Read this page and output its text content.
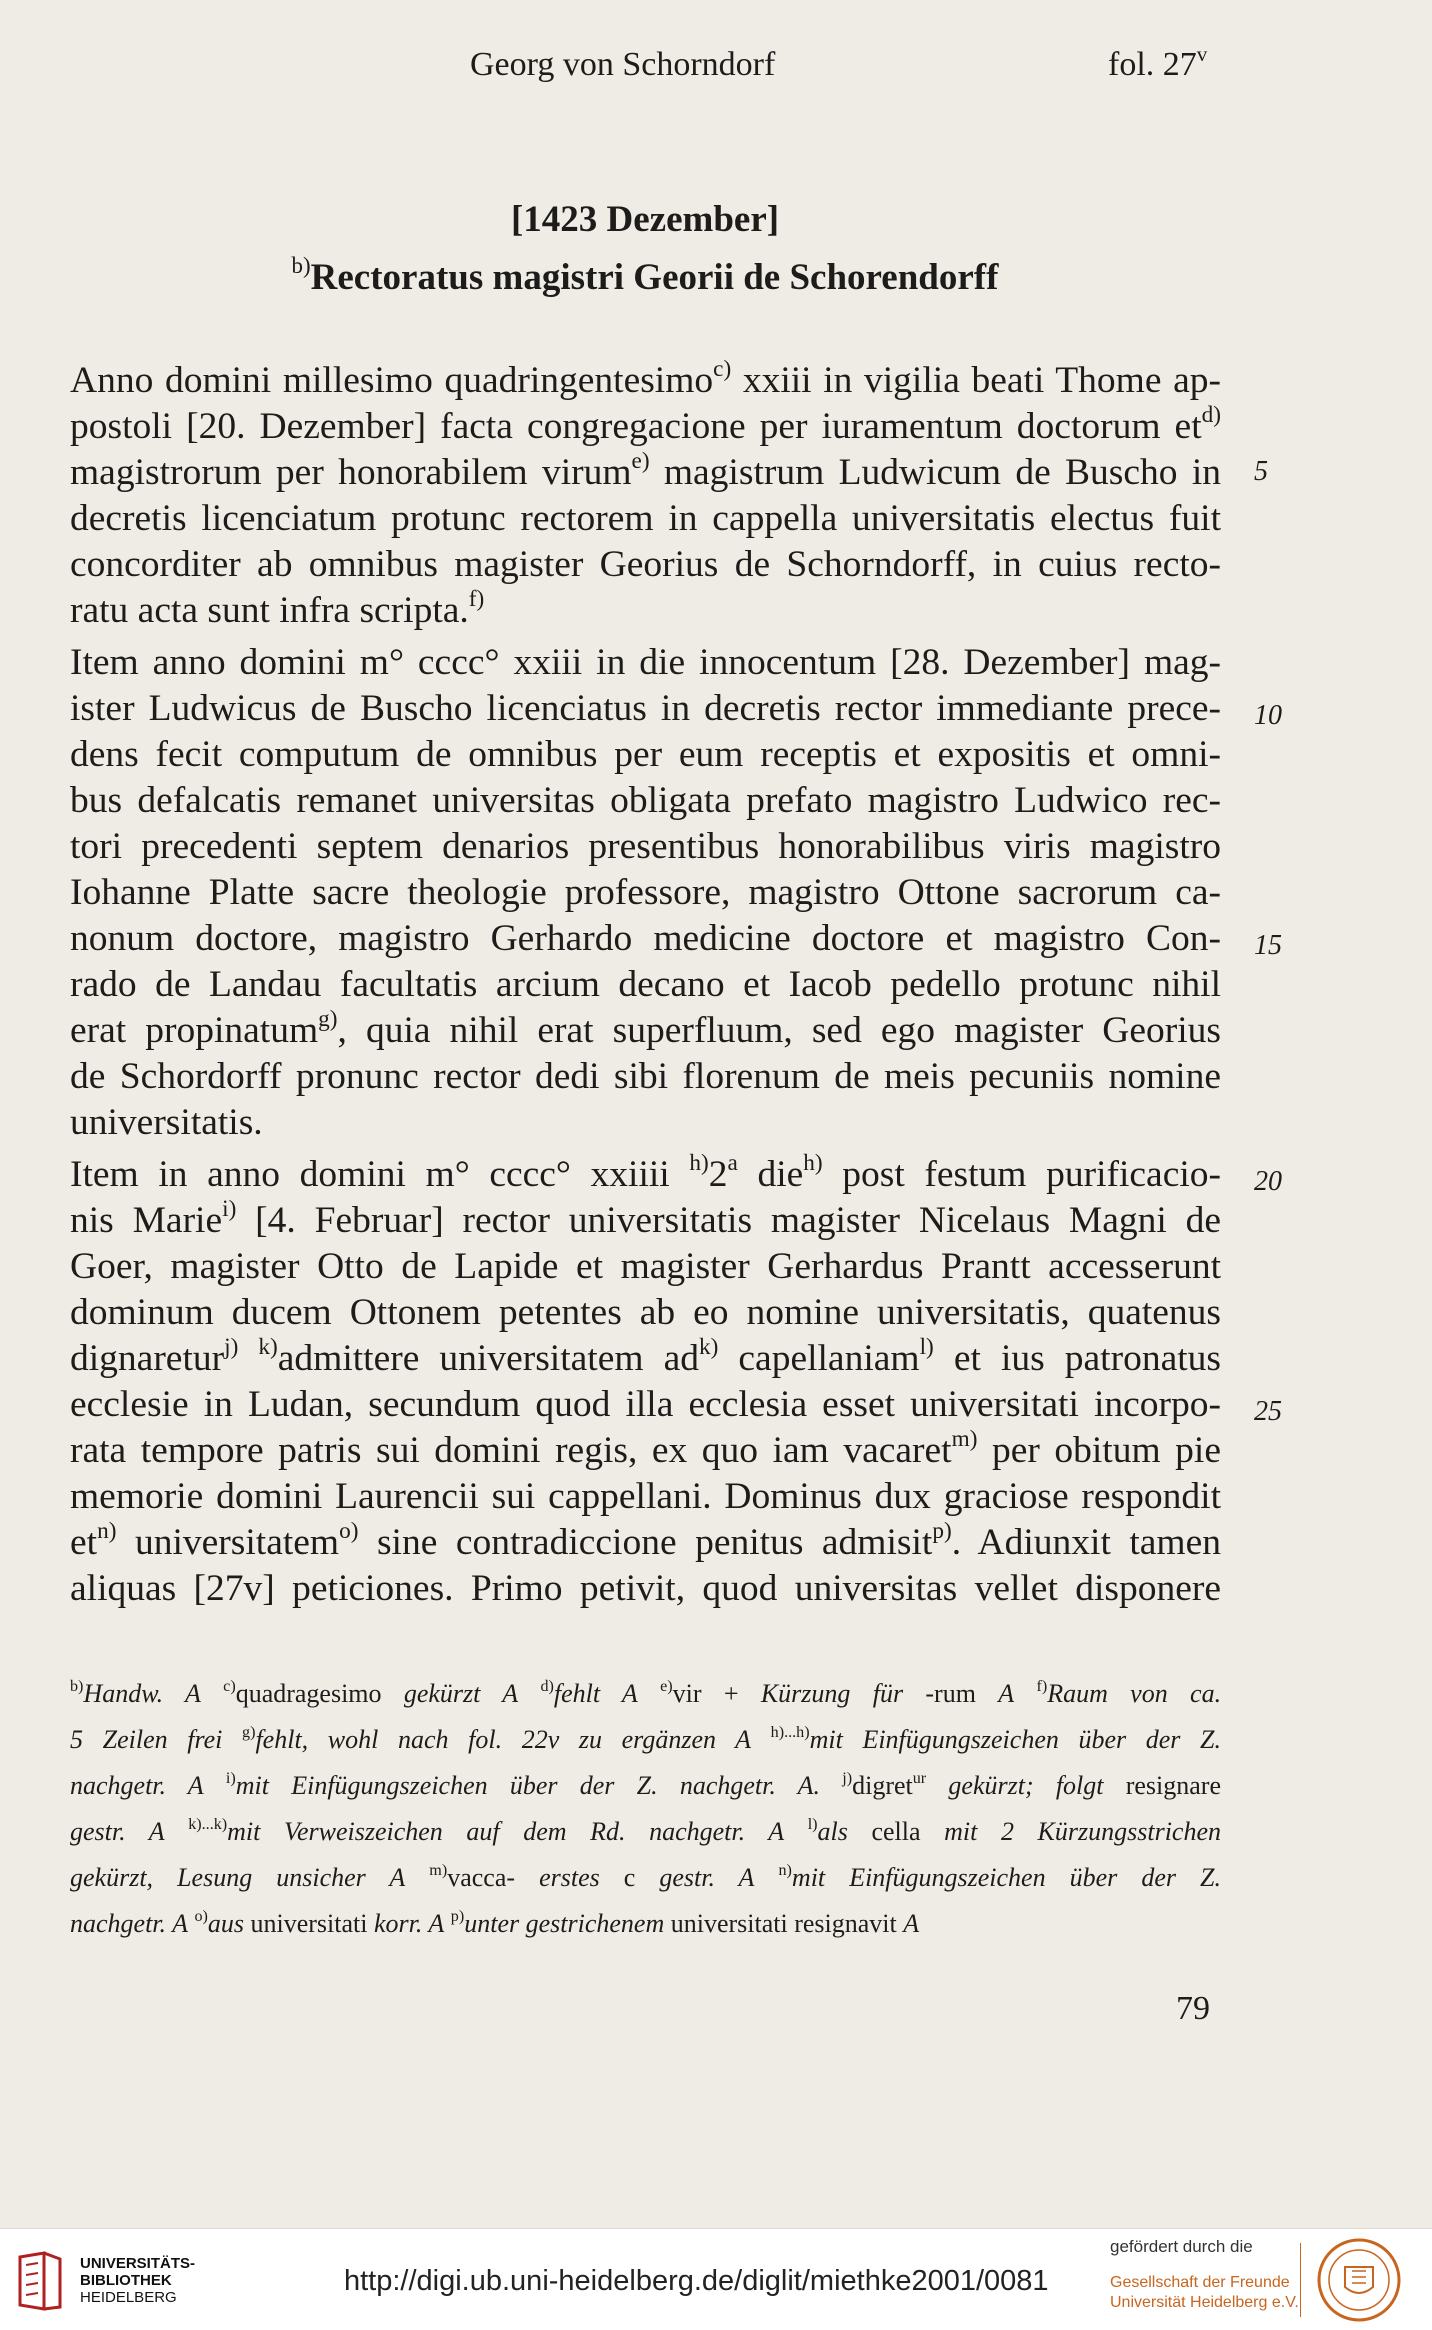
Georg von Schorndorf	fol. 27$^v$
[1423 Dezember]
$^{b)}$Rectoratus magistri Georii de Schorendorff
Anno domini millesimo quadringentesimo$^{c)}$ xxiii in vigilia beati Thome ap-
postoli [20. Dezember] facta congregacione per iuramentum doctorum $et^{d)}$
magistrorum per honorabilem virum$^{e)}$ magistrum Ludwicum de Buscho in
decretis licenciatum protunc rectorem in cappella universitatis electus fuit
concorditer ab omnibus magister Georius de Schorndorff, in cuius recto-
ratu acta sunt infra scripta.$^{f)}$
Item anno domini m° cccc° xxiii in die innocentum [28. Dezember] mag-
ister Ludwicus de Buscho licenciatus in decretis rector immediante prece-
dens fecit computum de omnibus per eum receptis et expositis et omni-
bus defalcatis remanet universitas obligata prefato magistro Ludwico rec-
tori precedenti septem denarios presentibus honorabilibus viris magistro
Iohanne Platte sacre theologie professore, magistro Ottone sacrorum ca-
nonum doctore, magistro Gerhardo medicine doctore et magistro Con-
rado de Landau facultatis arcium decano et Iacob pedello protunc nihil
erat propinatum$^{g)}$, quia nihil erat superfluum, sed ego magister Georius
de Schordorff pronunc rector dedi sibi florenum de meis pecuniis nomine
universitatis.
Item in anno domini m° cccc° xxiiii $^{h)}$2$^a$ die$^{h)}$ post festum purificacio-
nis Marie$^{i)}$ [4. Februar] rector universitatis magister Nicelaus Magni de
Goer, magister Otto de Lapide et magister Gerhardus Prantt accesserunt
dominum ducem Ottonem petentes ab eo nomine universitatis, quatenus
dignaretur$^{j)}$ $^{k)}$admittere universitatem $ad^{k)}$ capellaniam$^{l)}$ et ius patronatus
ecclesie in Ludan, secundum quod illa ecclesia esset universitati incorpo-
rata tempore patris sui domini regis, ex quo iam vacaret$^{m)}$ per obitum pie
memorie domini Laurencii sui cappellani. Dominus dux graciose respondit
$et^{n)}$ universitatem$^{o)}$ sine contradiccione penitus admisit$^{p)}$. Adiunxit tamen
aliquas [27v] peticiones. Primo petivit, quod universitas vellet disponere
5
10
15
20
25
$^{b)}$Handw. A $^{c)}$quadragesimo gekürzt A $^{d)}$fehlt A $^{e)}$vir + Kürzung für -rum A $^{f)}$Raum von ca.
5 Zeilen frei $^{g)}$fehlt, wohl nach fol. 22v zu ergänzen A $^{h)...h)}$mit Einfügungszeichen über der Z.
nachgetr. A $^{i)}$mit Einfügungszeichen über der Z. nachgetr. A. $^{j)}$digret$^{ur}$ gekürzt; folgt resignare
gestr. A $^{k)...k)}$mit Verweiszeichen auf dem Rd. nachgetr. A $^{l)}$als cella mit 2 Kürzungsstrichen
gekürzt, Lesung unsicher A $^{m)}$vacca- erstes c gestr. A $^{n)}$mit Einfügungszeichen über der Z.
nachgetr. A $^{o)}$aus universitati korr. A $^{p)}$unter gestrichenem universitati resignavit A
79
UNIVERSITÄTS-
BIBLIOTHEK
HEIDELBERG
http://digi.ub.uni-heidelberg.de/diglit/miethke2001/0081
gefördert durch die
Gesellschaft der Freunde
Universität Heidelberg e.V.
